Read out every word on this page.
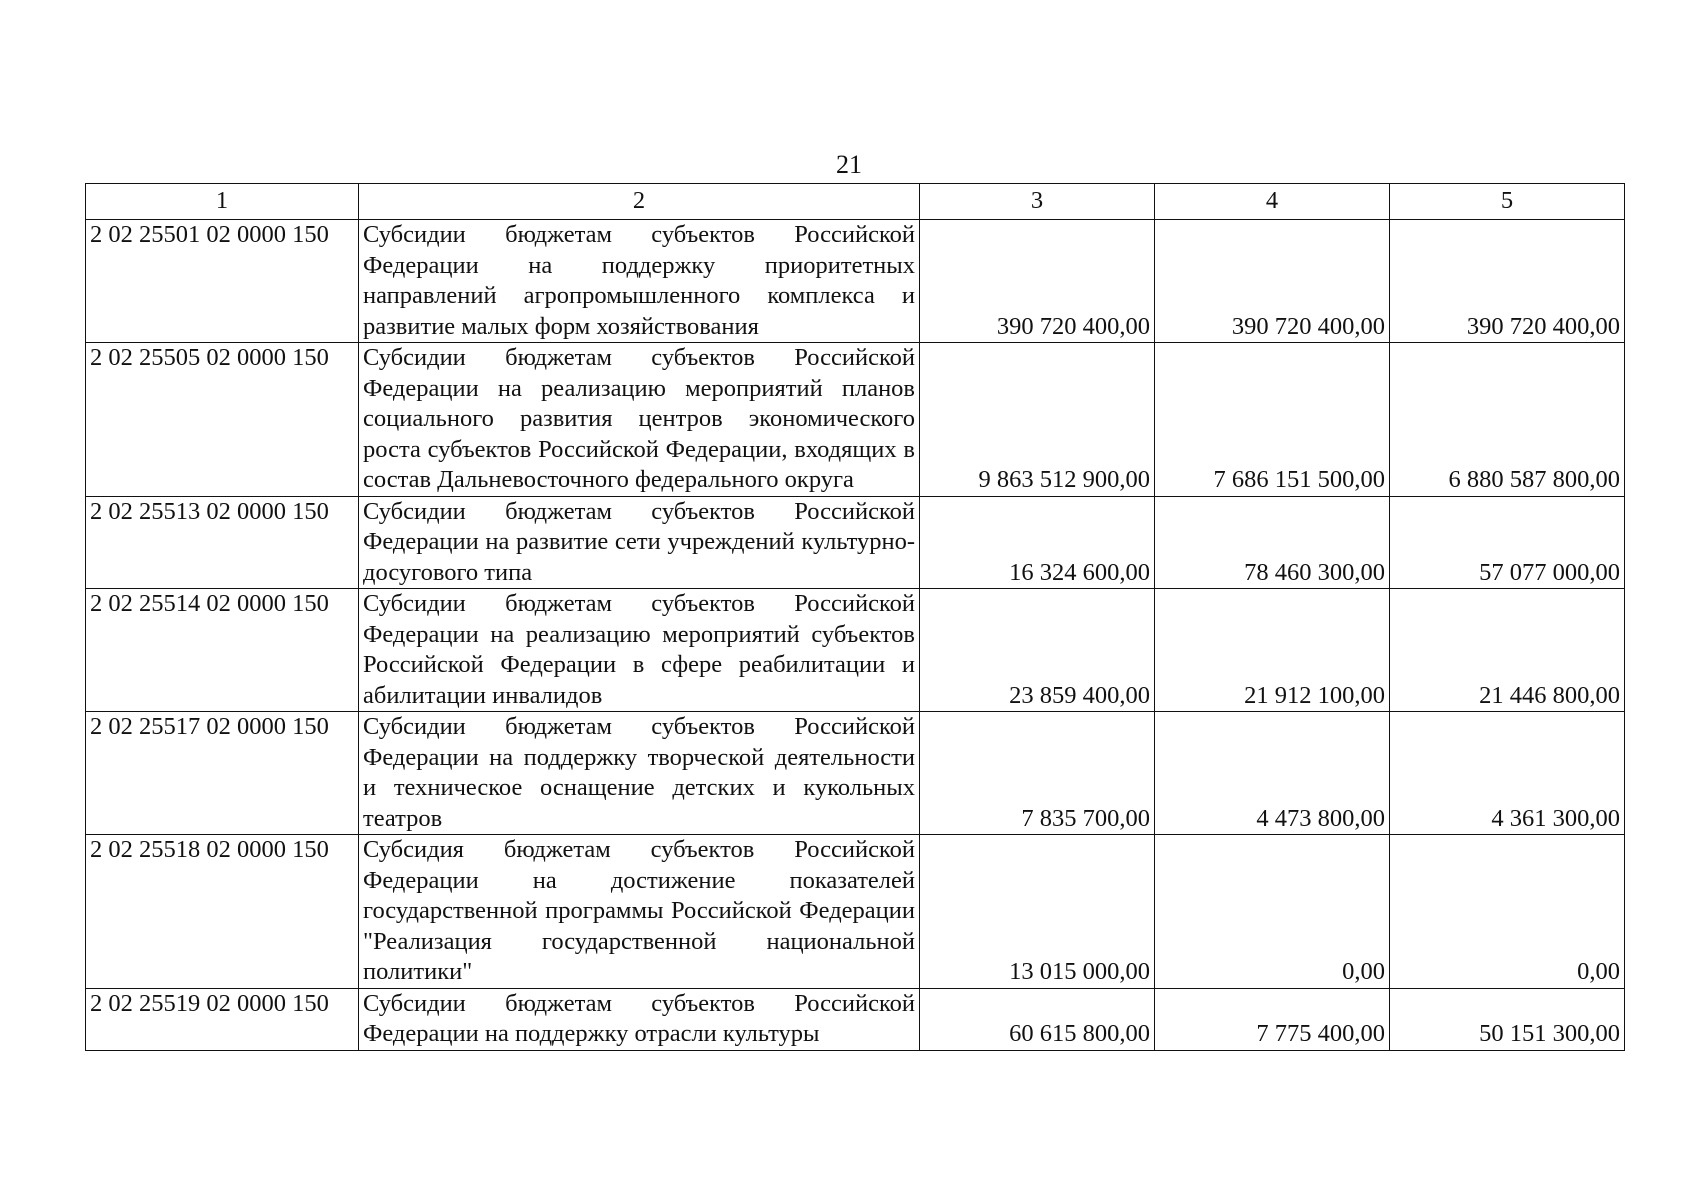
21
1	2	3	4	5
2 02 25501 02 0000 150	Субсидии бюджетам субъектов Российской Федерации на поддержку приоритетных направлений агропромышленного комплекса и развитие малых форм хозяйствования	390 720 400,00	390 720 400,00	390 720 400,00
2 02 25505 02 0000 150	Субсидии бюджетам субъектов Российской Федерации на реализацию мероприятий планов социального развития центров экономического роста субъектов Российской Федерации, входящих в состав Дальневосточного федерального округа	9 863 512 900,00	7 686 151 500,00	6 880 587 800,00
2 02 25513 02 0000 150	Субсидии бюджетам субъектов Российской Федерации на развитие сети учреждений культурно-досугового типа	16 324 600,00	78 460 300,00	57 077 000,00
2 02 25514 02 0000 150	Субсидии бюджетам субъектов Российской Федерации на реализацию мероприятий субъектов Российской Федерации в сфере реабилитации и абилитации инвалидов	23 859 400,00	21 912 100,00	21 446 800,00
2 02 25517 02 0000 150	Субсидии бюджетам субъектов Российской Федерации на поддержку творческой деятельности и техническое оснащение детских и кукольных театров	7 835 700,00	4 473 800,00	4 361 300,00
2 02 25518 02 0000 150	Субсидия бюджетам субъектов Российской Федерации на достижение показателей государственной программы Российской Федерации "Реализация государственной национальной политики"	13 015 000,00	0,00	0,00
2 02 25519 02 0000 150	Субсидии бюджетам субъектов Российской Федерации на поддержку отрасли культуры	60 615 800,00	7 775 400,00	50 151 300,00
